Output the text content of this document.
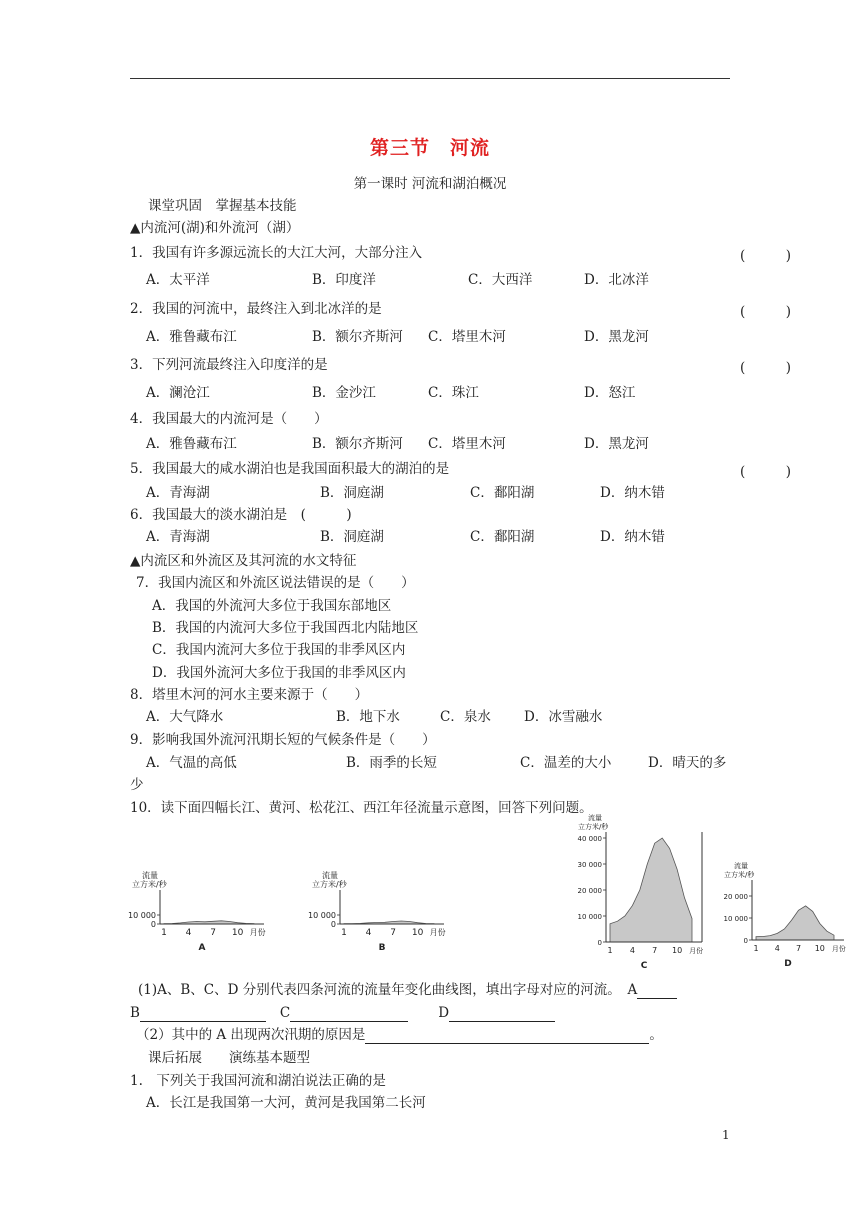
第三节　河流
第一课时 河流和湖泊概况
课堂巩固　掌握基本技能
▲内流河(湖)和外流河（湖）
1．我国有许多源远流长的大江大河，大部分注入	(　　　)
A．太平洋	B．印度洋	C．大西洋	D．北冰洋
2．我国的河流中，最终注入到北冰洋的是	(　　　)
A．雅鲁藏布江	B．额尔齐斯河 C．塔里木河	D．黑龙河
3．下列河流最终注入印度洋的是	(　　　)
A．澜沧江	B．金沙江	C．珠江	D．怒江
4．我国最大的内流河是（　　）
A．雅鲁藏布江	B．额尔齐斯河 C．塔里木河	D．黑龙河
5．我国最大的咸水湖泊也是我国面积最大的湖泊的是	(　　　)
A．青海湖	B．洞庭湖	C．鄱阳湖	D．纳木错
6．我国最大的淡水湖泊是　(　　　)
A．青海湖	B．洞庭湖	C．鄱阳湖	D．纳木错
▲内流区和外流区及其河流的水文特征
7．我国内流区和外流区说法错误的是（　　）
A．我国的外流河大多位于我国东部地区
B．我国的内流河大多位于我国西北内陆地区
C．我国内流河大多位于我国的非季风区内
D．我国外流河大多位于我国的非季风区内
8．塔里木河的河水主要来源于（　　）
A．大气降水	B．地下水	C．泉水 D．冰雪融水
9．影响我国外流河汛期长短的气候条件是（　　）
A．气温的高低	B．雨季的长短	C．温差的大小	D．晴天的多
少
10．读下面四幅长江、黄河、松花江、西江年径流量示意图，回答下列问题。
10 000
0
1 4 7 10 月份
流量
立方米/秒
A
10 000
0
1 4 7 10 月份
流量
立方米/秒
B
40 000
30 000
20 000
10 000
0
1 4 7 10 月份
流量
立方米/秒
C
20 000
10 000
0
1 4 7 10 月份
流量
立方米/秒
D
(1)A、B、C、D 分别代表四条河流的流量年变化曲线图，填出字母对应的河流。　A
B	C	D
（2）其中的 A 出现两次汛期的原因是	。
课后拓展　　演练基本题型
1.　下列关于我国河流和湖泊说法正确的是
A．长江是我国第一大河，黄河是我国第二长河
1
